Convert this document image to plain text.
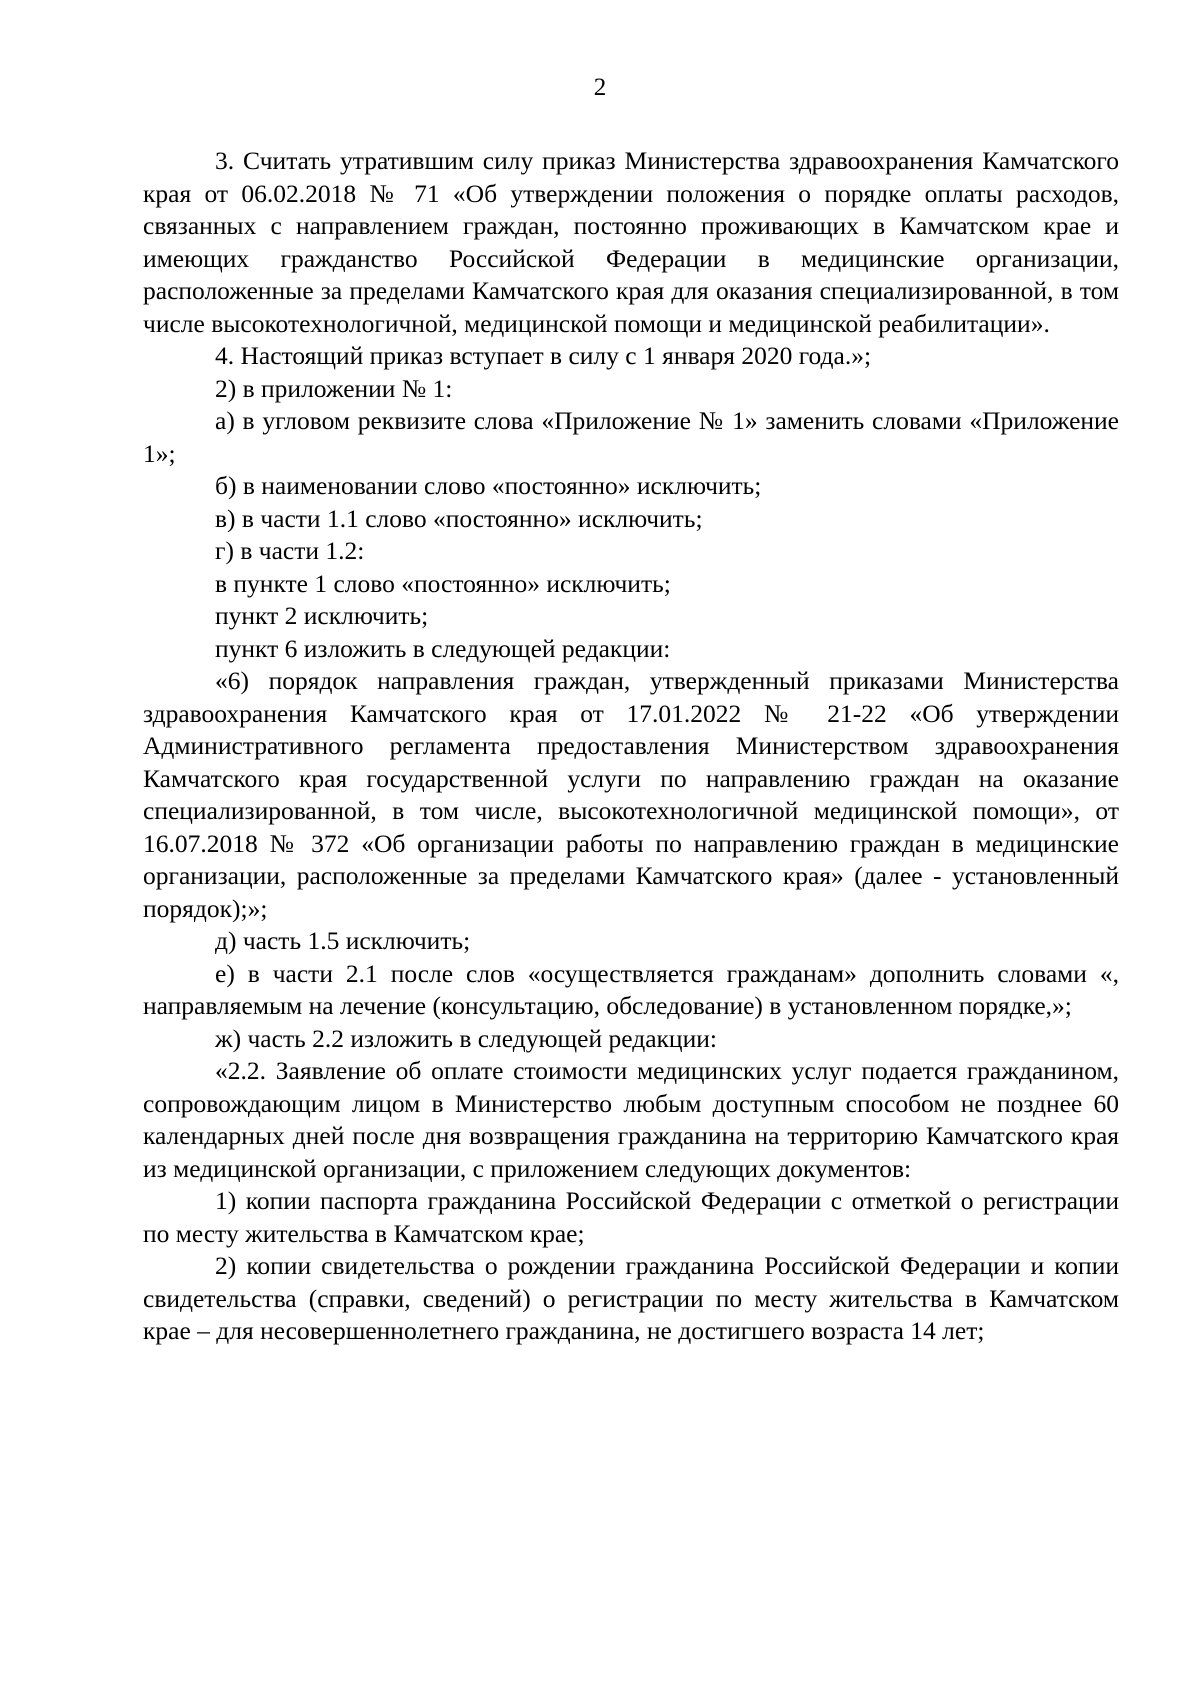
2

3. Считать утратившим силу приказ Министерства здравоохранения Камчатского края от 06.02.2018 № 71 «Об утверждении положения о порядке оплаты расходов, связанных с направлением граждан, постоянно проживающих в Камчатском крае и имеющих гражданство Российской Федерации в медицинские организации, расположенные за пределами Камчатского края для оказания специализированной, в том числе высокотехнологичной, медицинской помощи и медицинской реабилитации».

4. Настоящий приказ вступает в силу с 1 января 2020 года.»;

2) в приложении № 1:

а) в угловом реквизите слова «Приложение № 1» заменить словами «Приложение 1»;

б) в наименовании слово «постоянно» исключить;

в) в части 1.1 слово «постоянно» исключить;

г) в части 1.2:

в пункте 1 слово «постоянно» исключить;

пункт 2 исключить;

пункт 6 изложить в следующей редакции:

«6) порядок направления граждан, утвержденный приказами Министерства здравоохранения Камчатского края от 17.01.2022 № 21-22 «Об утверждении Административного регламента предоставления Министерством здравоохранения Камчатского края государственной услуги по направлению граждан на оказание специализированной, в том числе, высокотехнологичной медицинской помощи», от 16.07.2018 № 372 «Об организации работы по направлению граждан в медицинские организации, расположенные за пределами Камчатского края» (далее - установленный порядок);»;

д) часть 1.5 исключить;

е) в части 2.1 после слов «осуществляется гражданам» дополнить словами «, направляемым на лечение (консультацию, обследование) в установленном порядке,»;

ж) часть 2.2 изложить в следующей редакции:

«2.2. Заявление об оплате стоимости медицинских услуг подается гражданином, сопровождающим лицом в Министерство любым доступным способом не позднее 60 календарных дней после дня возвращения гражданина на территорию Камчатского края из медицинской организации, с приложением следующих документов:

1) копии паспорта гражданина Российской Федерации с отметкой о регистрации по месту жительства в Камчатском крае;

2) копии свидетельства о рождении гражданина Российской Федерации и копии свидетельства (справки, сведений) о регистрации по месту жительства в Камчатском крае – для несовершеннолетнего гражданина, не достигшего возраста 14 лет;
